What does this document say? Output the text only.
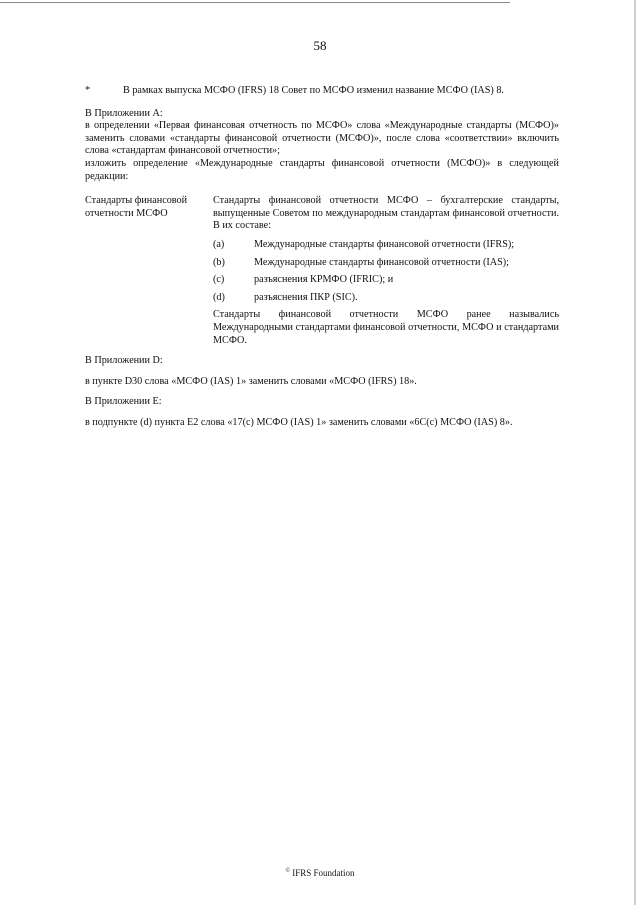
58
*	В рамках выпуска МСФО (IFRS) 18 Совет по МСФО изменил название МСФО (IAS) 8.

В Приложении А:

в определении «Первая финансовая отчетность по МСФО» слова «Международные стандарты (МСФО)» заменить словами «стандарты финансовой отчетности (МСФО)», после слова «соответствии» включить слова «стандартам финансовой отчетности»;

изложить определение «Международные стандарты финансовой отчетности (МСФО)» в следующей редакции:

Стандарты финансовой отчетности МСФО

Стандарты финансовой отчетности МСФО – бухгалтерские стандарты, выпущенные Советом по международным стандартам финансовой отчетности. В их составе:

(a)	Международные стандарты финансовой отчетности (IFRS);
(b)	Международные стандарты финансовой отчетности (IAS);
(c)	разъяснения КРМФО (IFRIC); и
(d)	разъяснения ПКР (SIC).

Стандарты финансовой отчетности МСФО ранее назывались Международными стандартами финансовой отчетности, МСФО и стандартами МСФО.

В Приложении D:

в пункте D30 слова «МСФО (IAS) 1» заменить словами «МСФО (IFRS) 18».

В Приложении Е:

в подпункте (d) пункта E2 слова «17(c) МСФО (IAS) 1» заменить словами «6С(с) МСФО (IAS) 8».

© IFRS Foundation
